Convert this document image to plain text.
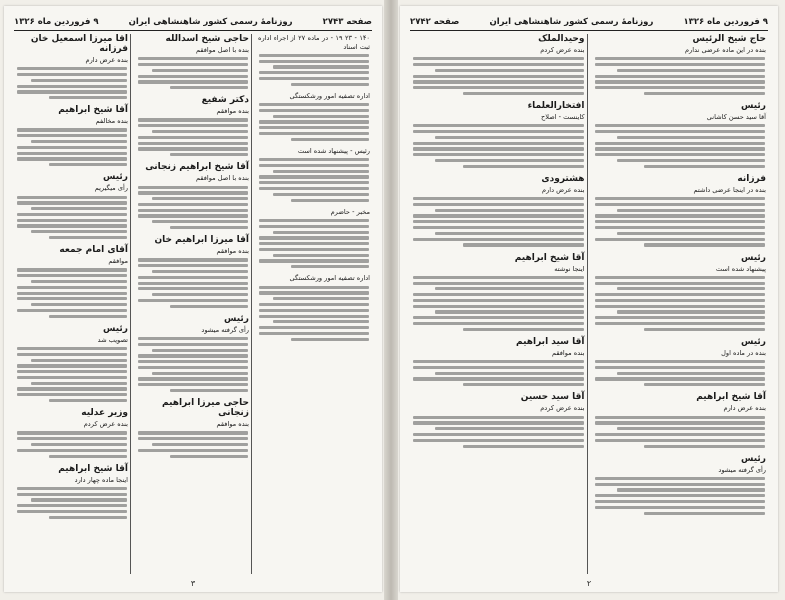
صفحه ۲۷۴۳
روزنامهٔ رسمی کشور شاهنشاهی ایران
۹ فروردین ماه ۱۳۲۶
۱۴۰ - ۲۳ ۱۹ - در ماده ۲۷ از اجراء اداره ثبت اسناد
اداره تصفیه امور ورشکستگی
رئیس - پیشنهاد شده است
مخبر - حاضرم
اداره تصفیه امور ورشکستگی
حاجی شیخ اسدالله
بنده با اصل موافقم
دکتر شفیع
بنده موافقم
آقا شیخ ابراهیم زنجانی
بنده با اصل موافقم
آقا میرزا ابراهیم خان
بنده موافقم
رئیس
رأی گرفته میشود
حاجی میرزا ابراهیم زنجانی
بنده موافقم
آقا میرزا اسمعیل خان فرزانه
بنده عرض دارم
آقا شیخ ابراهیم
بنده مخالفم
رئیس
رأی میگیریم
آقای امام جمعه
موافقم
رئیس
تصویب شد
وزیر عدلیه
بنده عرض کردم
آقا شیخ ابراهیم
اینجا ماده چهار دارد
۳
۹ فروردین ماه ۱۳۲۶
روزنامهٔ رسمی کشور شاهنشاهی ایران
صفحه ۲۷۴۲
حاج شیخ الرئیس
بنده در این ماده عرضی ندارم
رئیس
آقا سید حسن کاشانی
فرزانه
بنده در اینجا عرضی داشتم
رئیس
پیشنهاد شده است
رئیس
بنده در ماده اول
آقا شیخ ابراهیم
بنده عرض دارم
رئیس
رأی گرفته میشود
وحیدالملک
بنده عرض کردم
افتخارالعلماء
کاینست - اصلاح
هشترودی
بنده عرض دارم
آقا شیخ ابراهیم
اینجا نوشته
آقا سید ابراهیم
بنده موافقم
آقا سید حسین
بنده عرض کردم
۲
